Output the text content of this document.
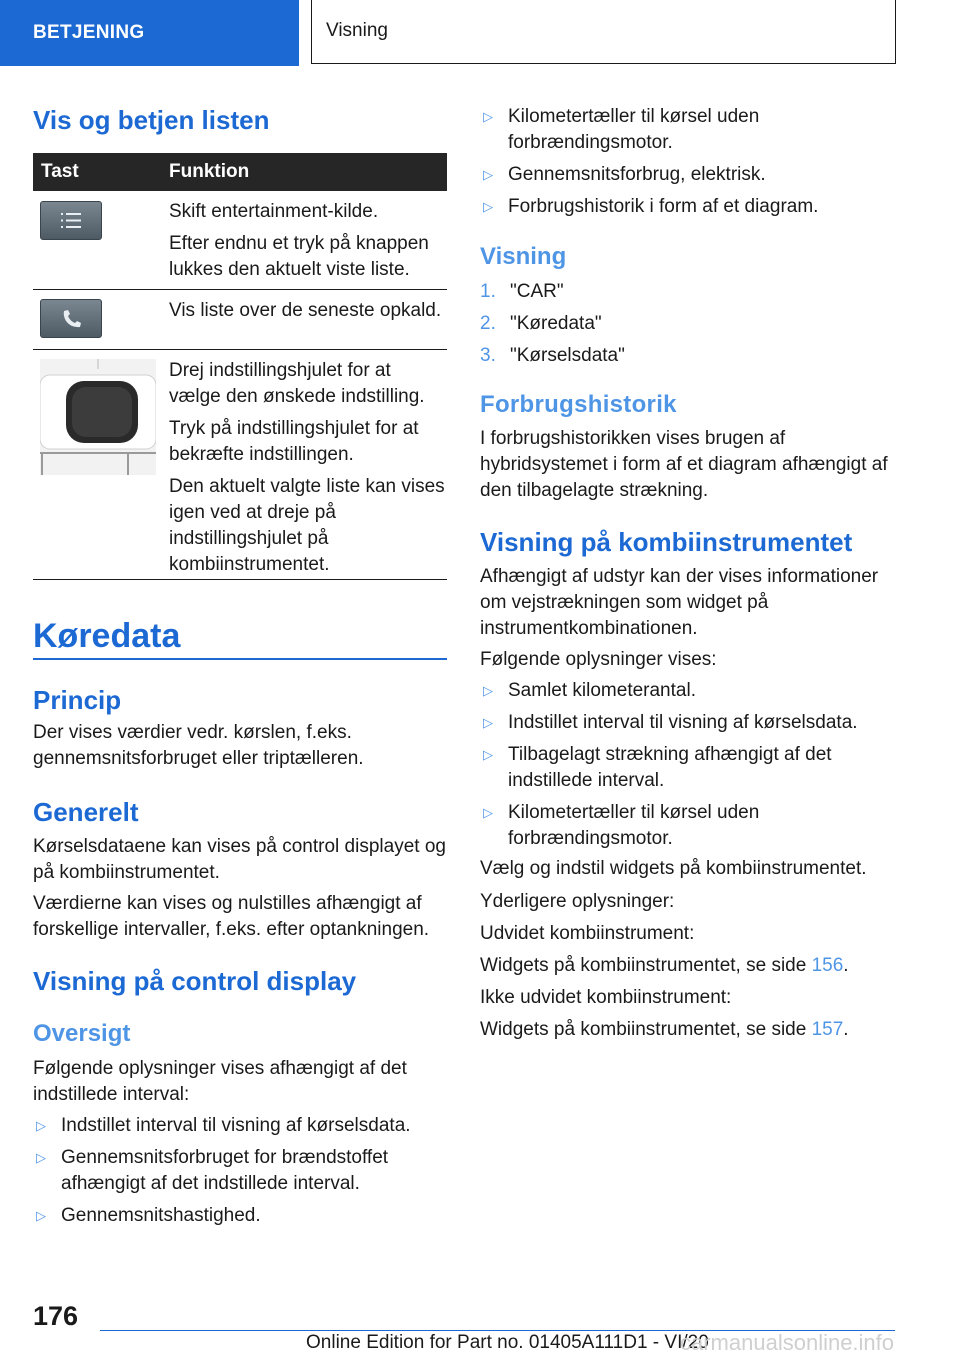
BETJENING	Visning
Vis og betjen listen
Tast	Funktion

Skift entertainment-kilde.

Efter endnu et tryk på knappen lukkes den aktuelt viste liste.

Vis liste over de seneste opkald.

Drej indstillingshjulet for at vælge den ønskede indstilling.

Tryk på indstillingshjulet for at bekræfte indstillingen.

Den aktuelt valgte liste kan vises igen ved at dreje på indstillingshjulet på kombiinstrumentet.

Køredata
Princip

Der vises værdier vedr. kørslen, f.eks. gennemsnitsforbruget eller triptælleren.

Generelt

Kørselsdataene kan vises på control displayet og på kombiinstrumentet.

Værdierne kan vises og nulstilles afhængigt af forskellige intervaller, f.eks. efter optankningen.

Visning på control display
Oversigt

Følgende oplysninger vises afhængigt af det indstillede interval:

▷ Indstillet interval til visning af kørselsdata.
▷ Gennemsnitsforbruget for brændstoffet afhængigt af det indstillede interval.
▷ Gennemsnitshastighed.
▷ Kilometertæller til kørsel uden forbrændingsmotor.
▷ Gennemsnitsforbrug, elektrisk.
▷ Forbrugshistorik i form af et diagram.
Visning
1. "CAR"
2. "Køredata"
3. "Kørselsdata"
Forbrugshistorik

I forbrugshistorikken vises brugen af hybridsystemet i form af et diagram afhængigt af den tilbagelagte strækning.

Visning på kombiinstrumentet

Afhængigt af udstyr kan der vises informationer om vejstrækningen som widget på instrumentkombinationen.

Følgende oplysninger vises:

▷ Samlet kilometerantal.
▷ Indstillet interval til visning af kørselsdata.
▷ Tilbagelagt strækning afhængigt af det indstillede interval.
▷ Kilometertæller til kørsel uden forbrændingsmotor.

Vælg og indstil widgets på kombiinstrumentet.

Yderligere oplysninger:

Udvidet kombiinstrument:

Widgets på kombiinstrumentet, se side 156.

Ikke udvidet kombiinstrument:

Widgets på kombiinstrumentet, se side 157.

176
Online Edition for Part no. 01405A111D1 - VI/20
carmanualsonline.info
